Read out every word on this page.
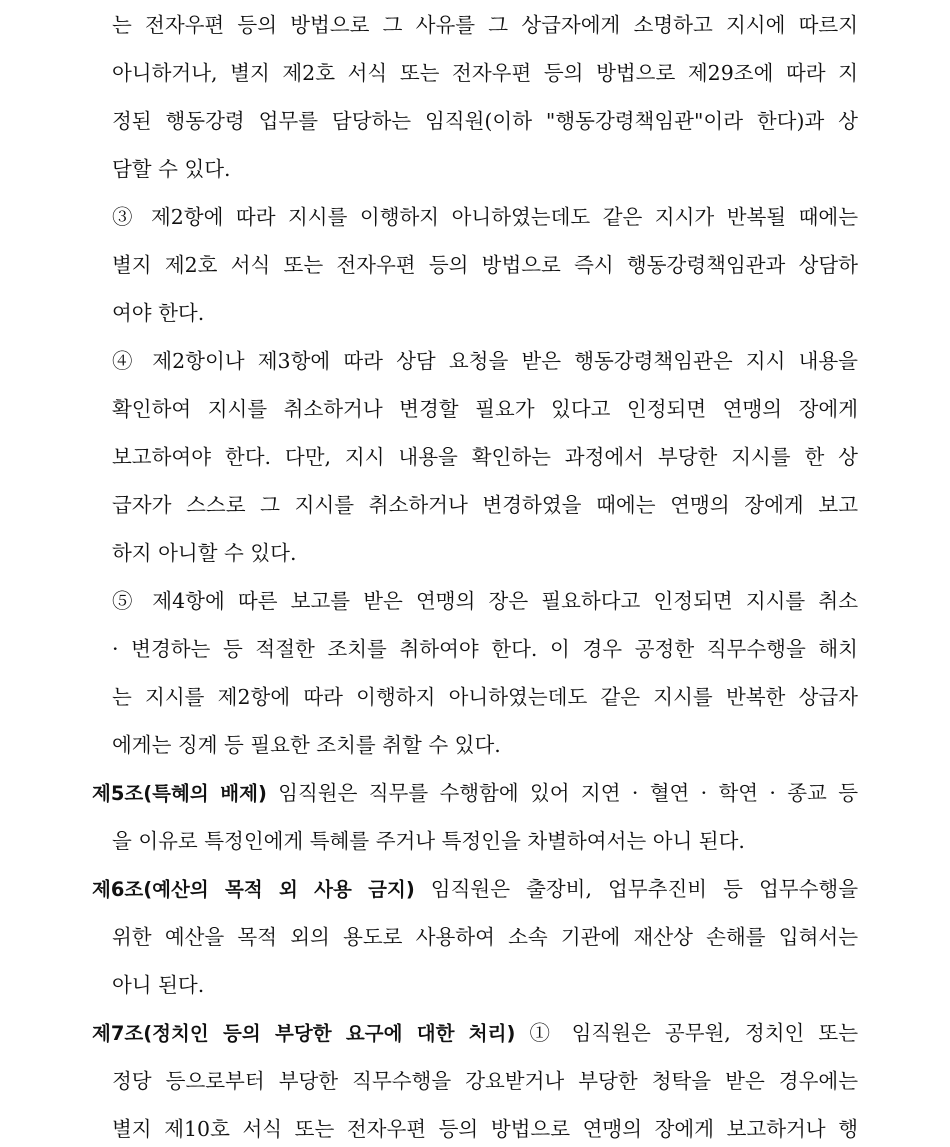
는 전자우편 등의 방법으로 그 사유를 그 상급자에게 소명하고 지시에 따르지
아니하거나, 별지 제2호 서식 또는 전자우편 등의 방법으로 제29조에 따라 지
정된 행동강령 업무를 담당하는 임직원(이하 "행동강령책임관"이라 한다)과 상
담할 수 있다.
③ 제2항에 따라 지시를 이행하지 아니하였는데도 같은 지시가 반복될 때에는
별지 제2호 서식 또는 전자우편 등의 방법으로 즉시 행동강령책임관과 상담하
여야 한다.
④ 제2항이나 제3항에 따라 상담 요청을 받은 행동강령책임관은 지시 내용을
확인하여 지시를 취소하거나 변경할 필요가 있다고 인정되면 연맹의 장에게
보고하여야 한다. 다만, 지시 내용을 확인하는 과정에서 부당한 지시를 한 상
급자가 스스로 그 지시를 취소하거나 변경하였을 때에는 연맹의 장에게 보고
하지 아니할 수 있다.
⑤ 제4항에 따른 보고를 받은 연맹의 장은 필요하다고 인정되면 지시를 취소
· 변경하는 등 적절한 조치를 취하여야 한다. 이 경우 공정한 직무수행을 해치
는 지시를 제2항에 따라 이행하지 아니하였는데도 같은 지시를 반복한 상급자
에게는 징계 등 필요한 조치를 취할 수 있다.
제5조(특혜의 배제) 임직원은 직무를 수행함에 있어 지연 · 혈연 · 학연 · 종교 등
을 이유로 특정인에게 특혜를 주거나 특정인을 차별하여서는 아니 된다.
제6조(예산의 목적 외 사용 금지) 임직원은 출장비, 업무추진비 등 업무수행을
위한 예산을 목적 외의 용도로 사용하여 소속 기관에 재산상 손해를 입혀서는
아니 된다.
제7조(정치인 등의 부당한 요구에 대한 처리) ① 임직원은 공무원, 정치인 또는
정당 등으로부터 부당한 직무수행을 강요받거나 부당한 청탁을 받은 경우에는
별지 제10호 서식 또는 전자우편 등의 방법으로 연맹의 장에게 보고하거나 행
